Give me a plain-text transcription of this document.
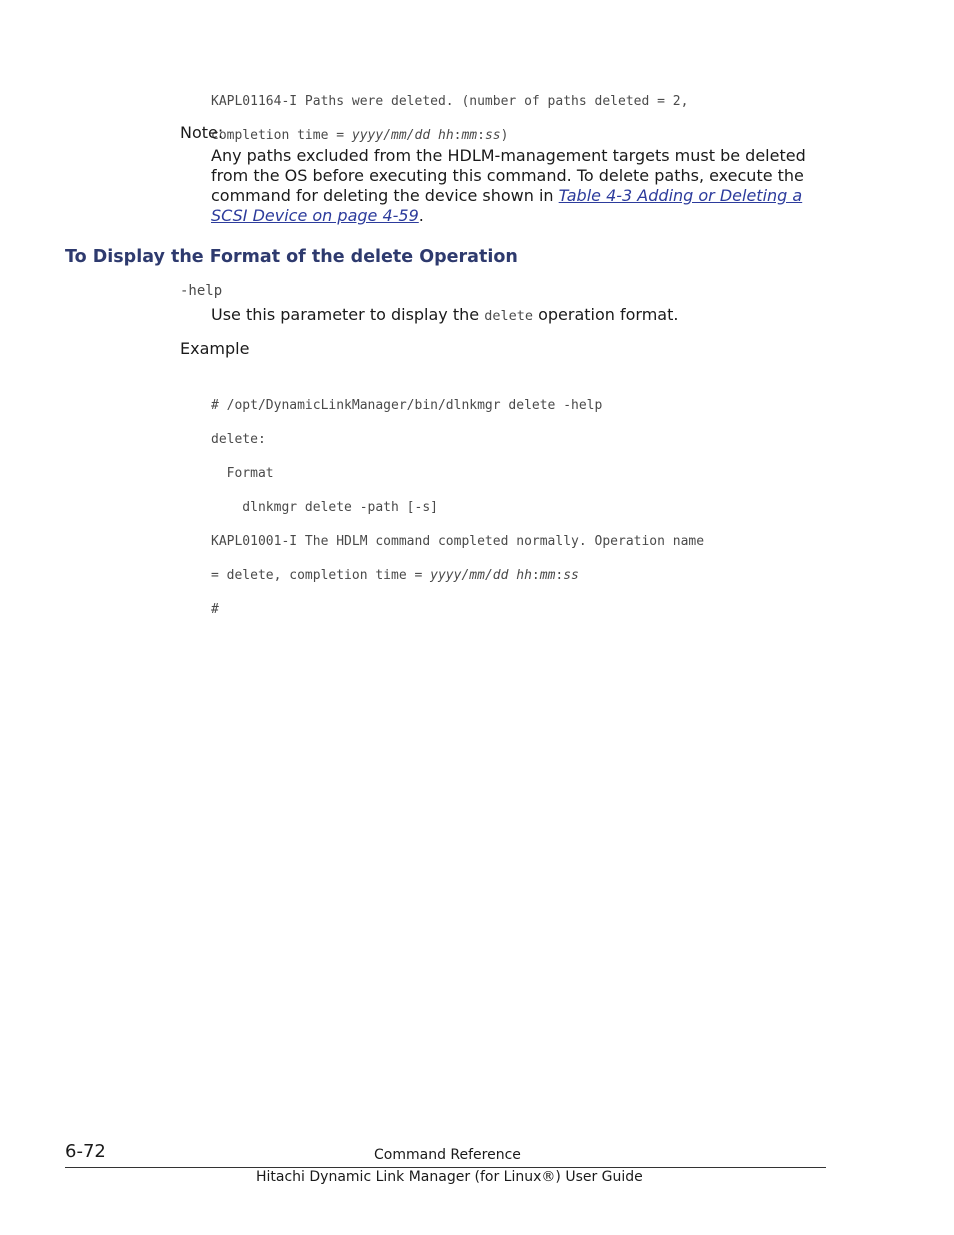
KAPL01164-I Paths were deleted. (number of paths deleted = 2,

completion time = yyyy/mm/dd hh:mm:ss)

Note:
Any paths excluded from the HDLM-management targets must be deleted
from the OS before executing this command. To delete paths, execute the
command for deleting the device shown in Table 4-3 Adding or Deleting a
SCSI Device on page 4-59.
To Display the Format of the delete Operation
-help
Use this parameter to display the delete operation format.
Example

# /opt/DynamicLinkManager/bin/dlnkmgr delete -help

delete:

Format

dlnkmgr delete -path [-s]

KAPL01001-I The HDLM command completed normally. Operation name

= delete, completion time = yyyy/mm/dd hh:mm:ss

#

6-72	Command Reference
Hitachi Dynamic Link Manager (for Linux®) User Guide
